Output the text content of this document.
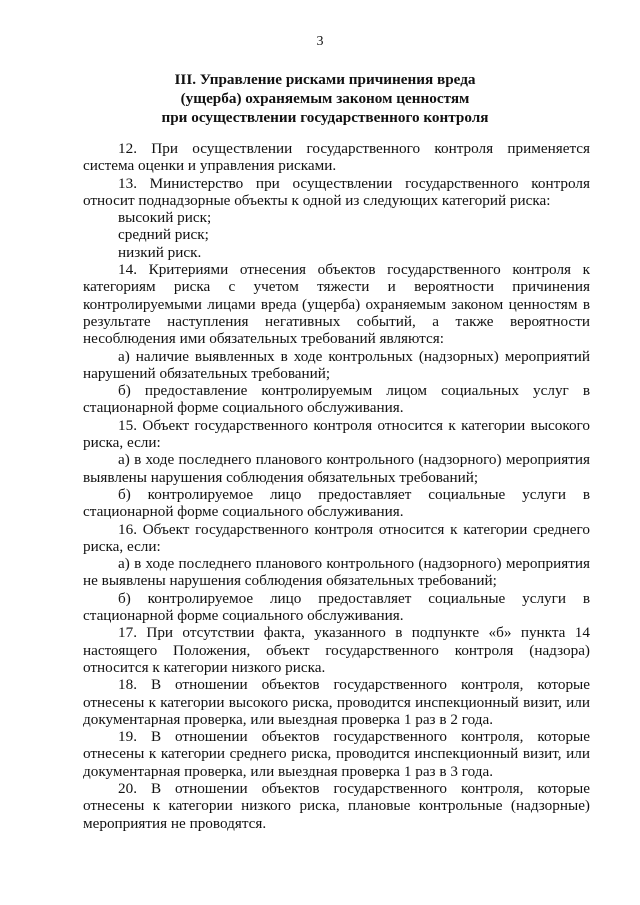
3
III. Управление рисками причинения вреда
(ущерба) охраняемым законом ценностям
при осуществлении государственного контроля

12. При осуществлении государственного контроля применяется система оценки и управления рисками.

13. Министерство при осуществлении государственного контроля относит поднадзорные объекты к одной из следующих категорий риска:

высокий риск;

средний риск;

низкий риск.

14. Критериями отнесения объектов государственного контроля к категориям риска с учетом тяжести и вероятности причинения контролируемыми лицами вреда (ущерба) охраняемым законом ценностям в результате наступления негативных событий, а также вероятности несоблюдения ими обязательных требований являются:

а) наличие выявленных в ходе контрольных (надзорных) мероприятий нарушений обязательных требований;

б) предоставление контролируемым лицом социальных услуг в стационарной форме социального обслуживания.

15. Объект государственного контроля относится к категории высокого риска, если:

а) в ходе последнего планового контрольного (надзорного) мероприятия выявлены нарушения соблюдения обязательных требований;

б) контролируемое лицо предоставляет социальные услуги в стационарной форме социального обслуживания.

16. Объект государственного контроля относится к категории среднего риска, если:

а) в ходе последнего планового контрольного (надзорного) мероприятия не выявлены нарушения соблюдения обязательных требований;

б) контролируемое лицо предоставляет социальные услуги в стационарной форме социального обслуживания.

17. При отсутствии факта, указанного в подпункте «б» пункта 14 настоящего Положения, объект государственного контроля (надзора) относится к категории низкого риска.

18. В отношении объектов государственного контроля, которые отнесены к категории высокого риска, проводится инспекционный визит, или документарная проверка, или выездная проверка 1 раз в 2 года.

19. В отношении объектов государственного контроля, которые отнесены к категории среднего риска, проводится инспекционный визит, или документарная проверка, или выездная проверка 1 раз в 3 года.

20. В отношении объектов государственного контроля, которые отнесены к категории низкого риска, плановые контрольные (надзорные) мероприятия не проводятся.
